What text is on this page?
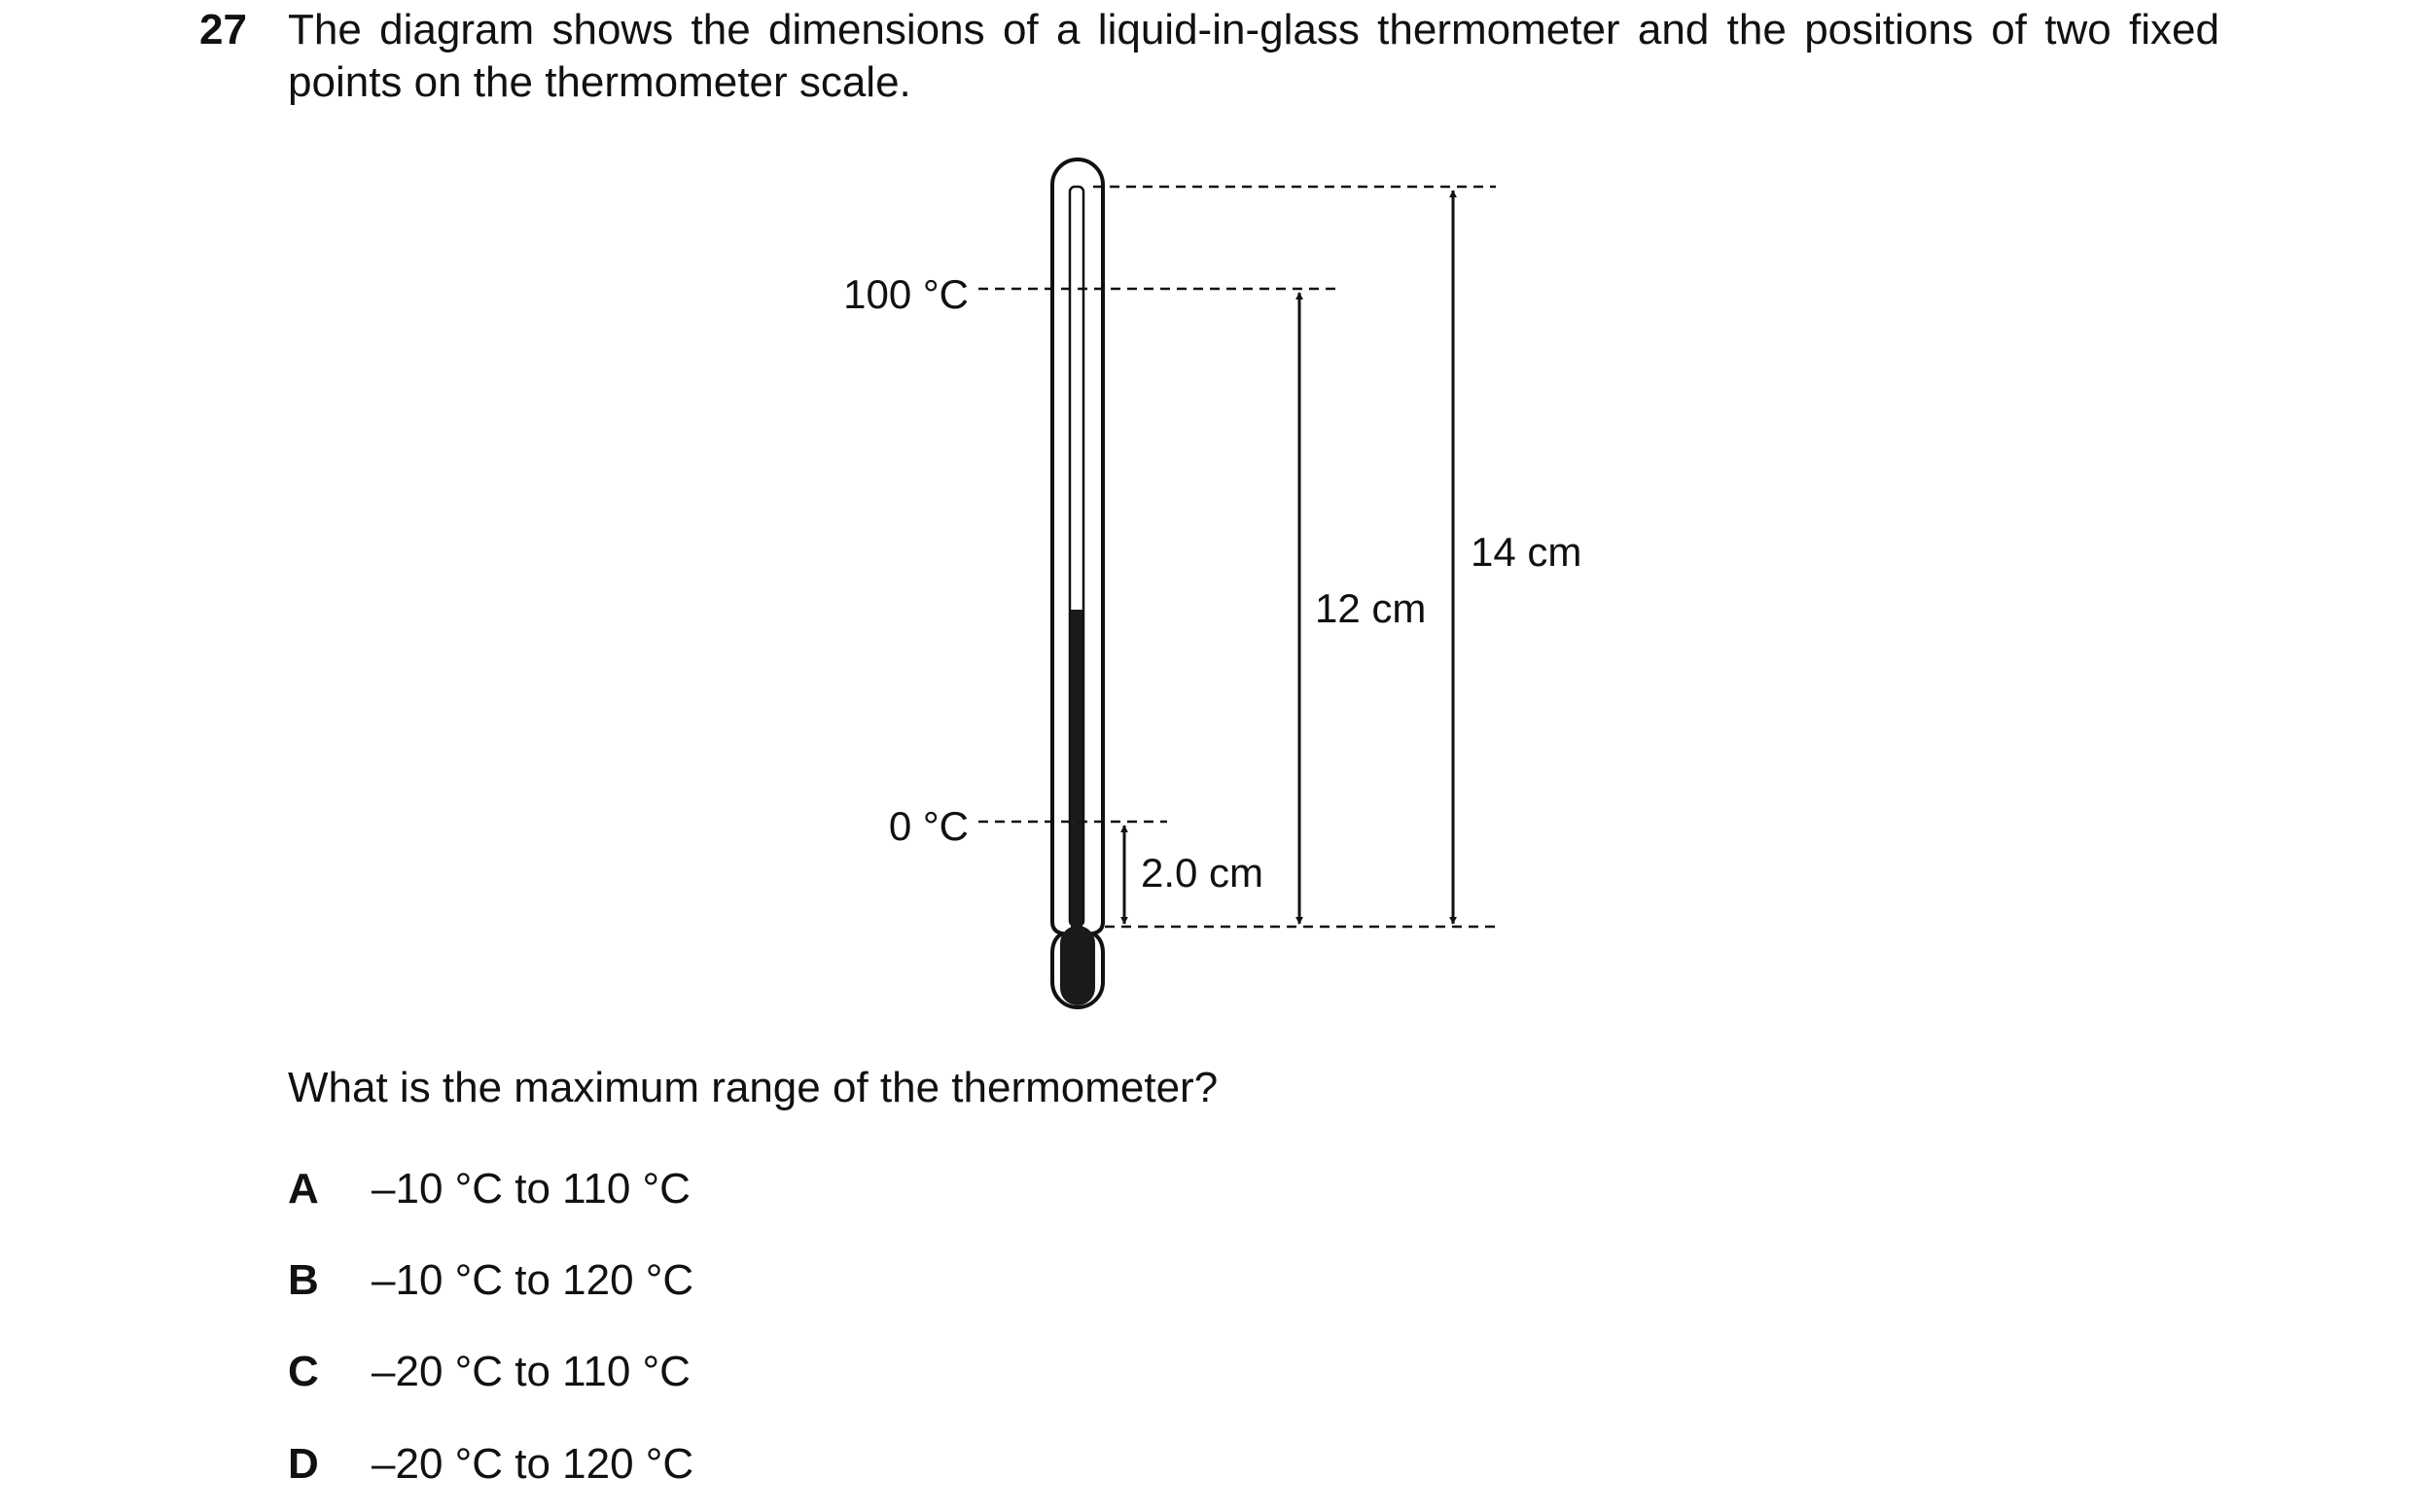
27 The diagram shows the dimensions of a liquid-in-glass thermometer and the positions of two fixed points on the thermometer scale.
100 °C
0 °C
2.0 cm
12 cm
14 cm
What is the maximum range of the thermometer?
A –10 °C to 110 °C
B –10 °C to 120 °C
C –20 °C to 110 °C
D –20 °C to 120 °C
